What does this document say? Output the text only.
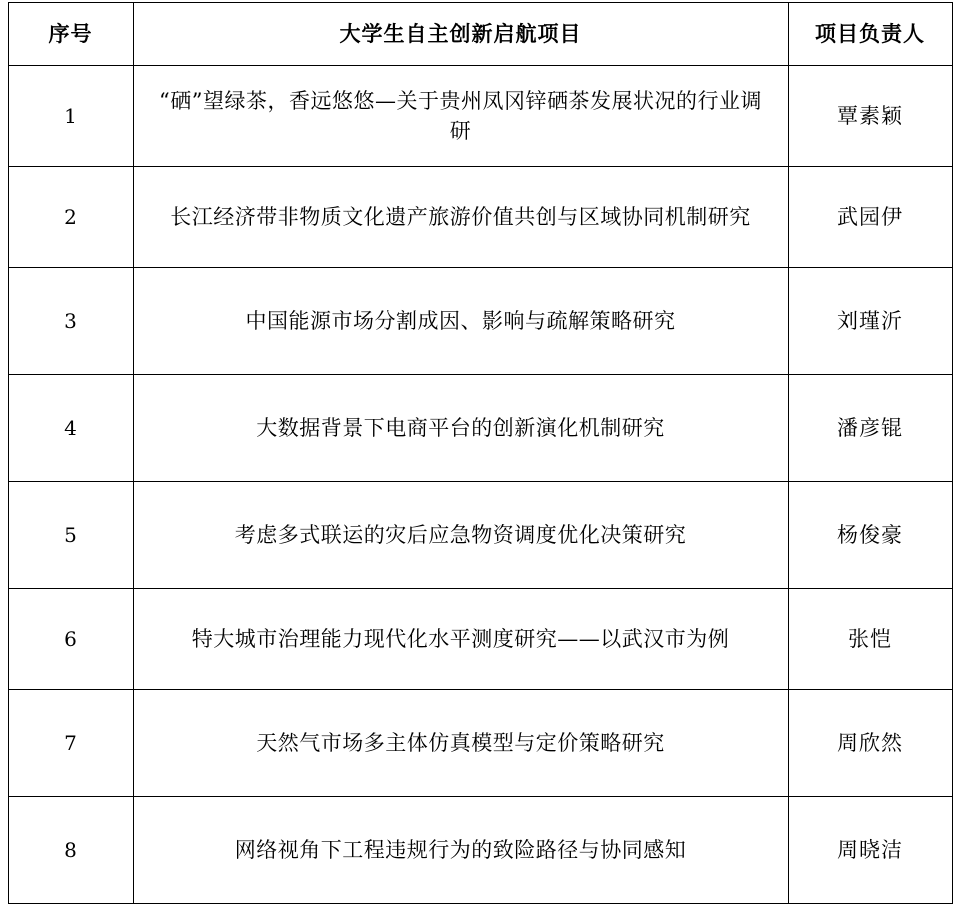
序号	大学生自主创新启航项目	项目负责人
1	“硒”望绿茶，香远悠悠—关于贵州凤冈锌硒茶发展状况的行业调研	覃素颖
2	长江经济带非物质文化遗产旅游价值共创与区域协同机制研究	武园伊
3	中国能源市场分割成因、影响与疏解策略研究	刘瑾沂
4	大数据背景下电商平台的创新演化机制研究	潘彦锟
5	考虑多式联运的灾后应急物资调度优化决策研究	杨俊豪
6	特大城市治理能力现代化水平测度研究——以武汉市为例	张恺
7	天然气市场多主体仿真模型与定价策略研究	周欣然
8	网络视角下工程违规行为的致险路径与协同感知	周晓洁
